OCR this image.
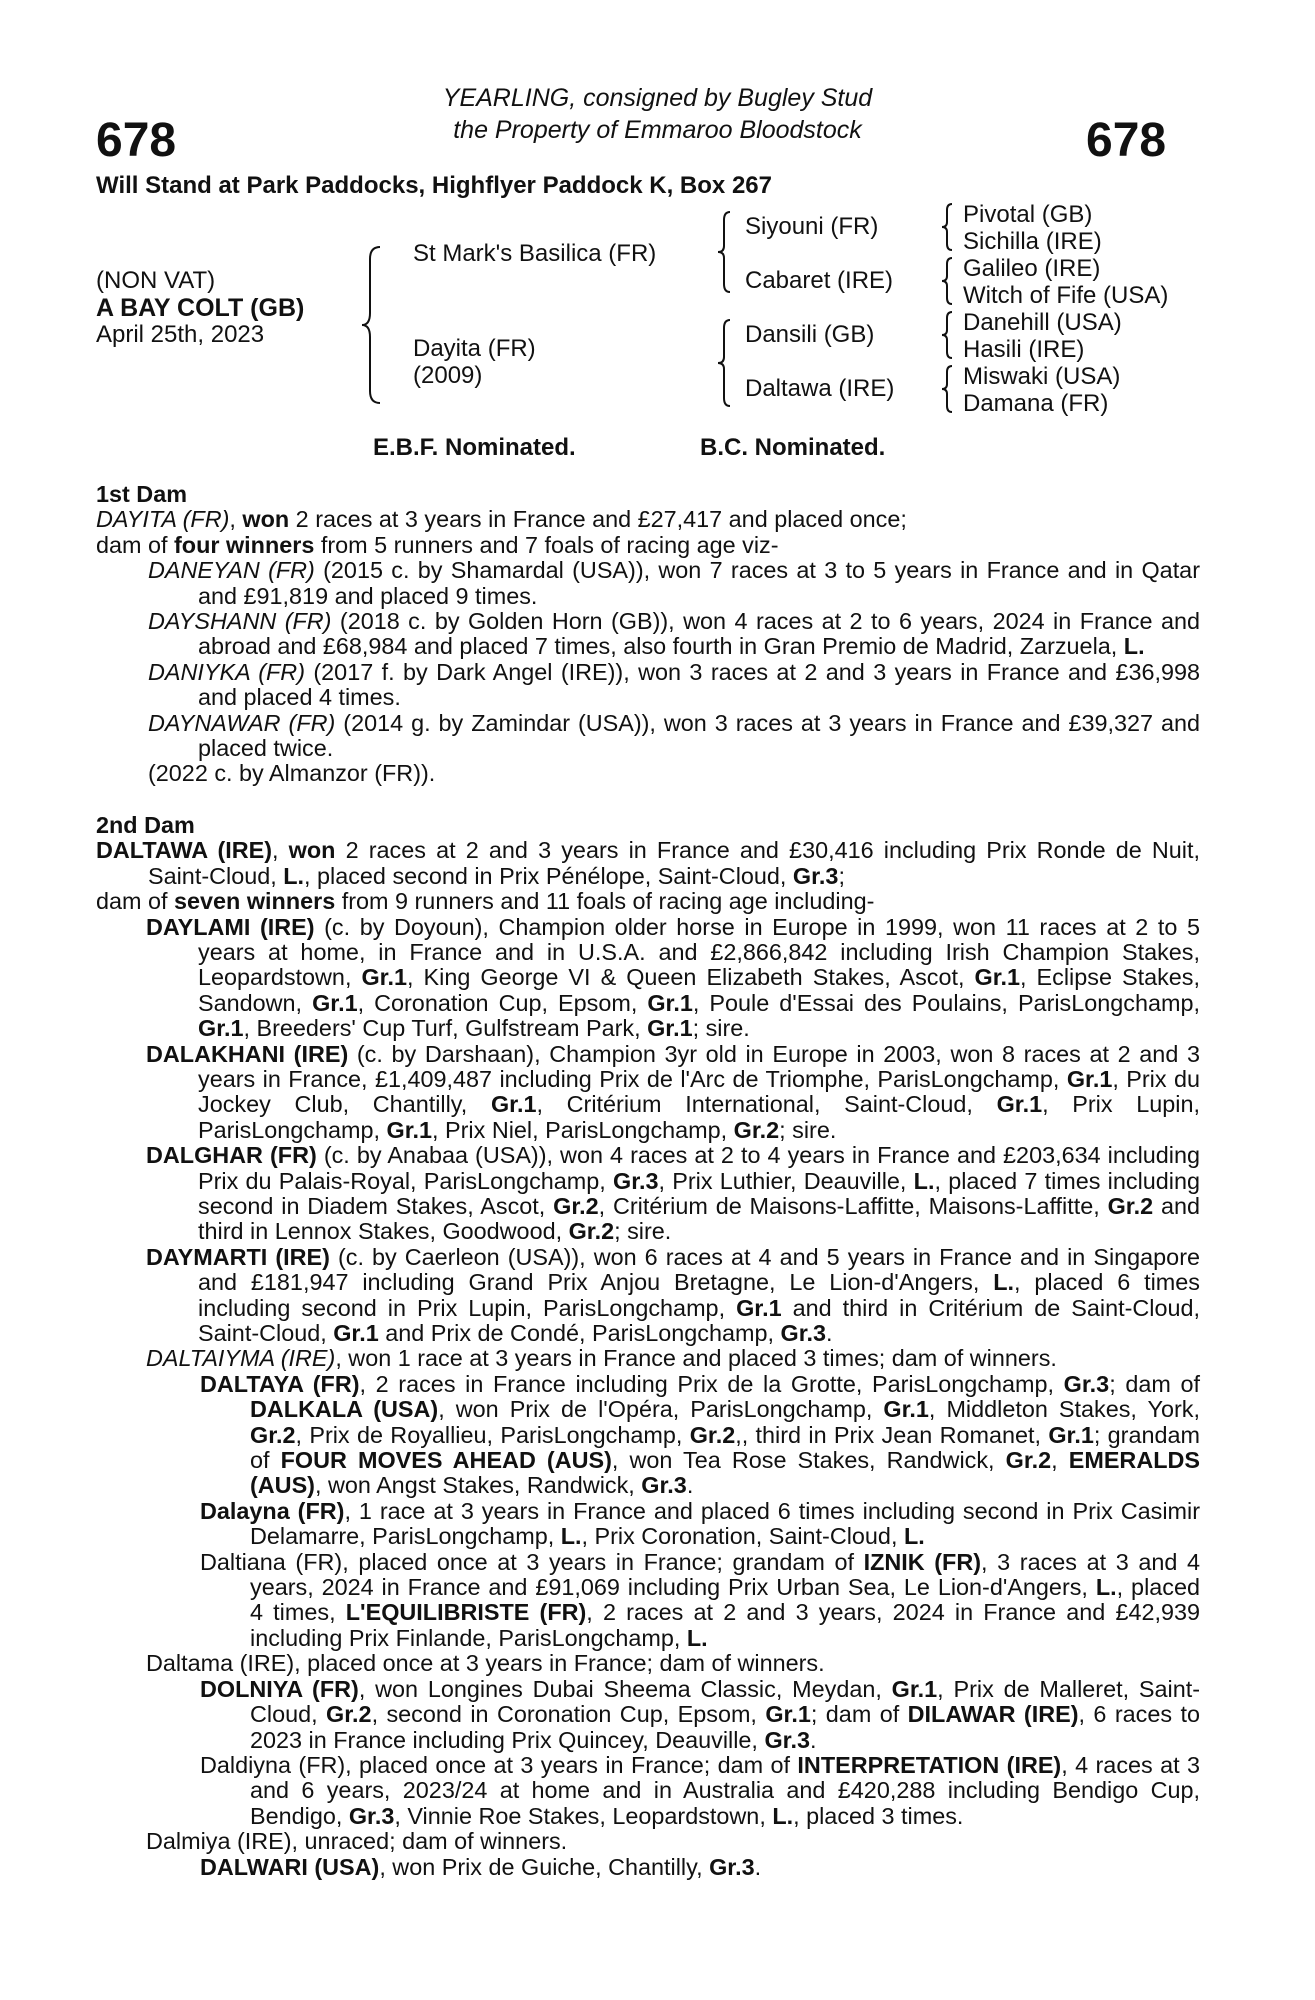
678	678
YEARLING, consigned by Bugley Stud
the Property of Emmaroo Bloodstock
Will Stand at Park Paddocks, Highflyer Paddock K, Box 267
(NON VAT)
A BAY COLT (GB)
April 25th, 2023
St Mark's Basilica (FR)
Dayita (FR)
(2009)
Siyouni (FR)
Cabaret (IRE)
Dansili (GB)
Daltawa (IRE)
Pivotal (GB)
Sichilla (IRE)
Galileo (IRE)
Witch of Fife (USA)
Danehill (USA)
Hasili (IRE)
Miswaki (USA)
Damana (FR)
E.B.F. Nominated.	B.C. Nominated.
1st Dam
DAYITA (FR), won 2 races at 3 years in France and £27,417 and placed once;
dam of four winners from 5 runners and 7 foals of racing age viz-
DANEYAN (FR) (2015 c. by Shamardal (USA)), won 7 races at 3 to 5 years in France and in Qatar and £91,819 and placed 9 times.
DAYSHANN (FR) (2018 c. by Golden Horn (GB)), won 4 races at 2 to 6 years, 2024 in France and abroad and £68,984 and placed 7 times, also fourth in Gran Premio de Madrid, Zarzuela, L.
DANIYKA (FR) (2017 f. by Dark Angel (IRE)), won 3 races at 2 and 3 years in France and £36,998 and placed 4 times.
DAYNAWAR (FR) (2014 g. by Zamindar (USA)), won 3 races at 3 years in France and £39,327 and placed twice.
(2022 c. by Almanzor (FR)).
2nd Dam
DALTAWA (IRE), won 2 races at 2 and 3 years in France and £30,416 including Prix Ronde de Nuit, Saint-Cloud, L., placed second in Prix Pénélope, Saint-Cloud, Gr.3;
dam of seven winners from 9 runners and 11 foals of racing age including-
DAYLAMI (IRE) (c. by Doyoun), Champion older horse in Europe in 1999, won 11 races at 2 to 5 years at home, in France and in U.S.A. and £2,866,842 including Irish Champion Stakes, Leopardstown, Gr.1, King George VI & Queen Elizabeth Stakes, Ascot, Gr.1, Eclipse Stakes, Sandown, Gr.1, Coronation Cup, Epsom, Gr.1, Poule d'Essai des Poulains, ParisLongchamp, Gr.1, Breeders' Cup Turf, Gulfstream Park, Gr.1; sire.
DALAKHANI (IRE) (c. by Darshaan), Champion 3yr old in Europe in 2003, won 8 races at 2 and 3 years in France, £1,409,487 including Prix de l'Arc de Triomphe, ParisLongchamp, Gr.1, Prix du Jockey Club, Chantilly, Gr.1, Critérium International, Saint-Cloud, Gr.1, Prix Lupin, ParisLongchamp, Gr.1, Prix Niel, ParisLongchamp, Gr.2; sire.
DALGHAR (FR) (c. by Anabaa (USA)), won 4 races at 2 to 4 years in France and £203,634 including Prix du Palais-Royal, ParisLongchamp, Gr.3, Prix Luthier, Deauville, L., placed 7 times including second in Diadem Stakes, Ascot, Gr.2, Critérium de Maisons-Laffitte, Maisons-Laffitte, Gr.2 and third in Lennox Stakes, Goodwood, Gr.2; sire.
DAYMARTI (IRE) (c. by Caerleon (USA)), won 6 races at 4 and 5 years in France and in Singapore and £181,947 including Grand Prix Anjou Bretagne, Le Lion-d'Angers, L., placed 6 times including second in Prix Lupin, ParisLongchamp, Gr.1 and third in Critérium de Saint-Cloud, Saint-Cloud, Gr.1 and Prix de Condé, ParisLongchamp, Gr.3.
DALTAIYMA (IRE), won 1 race at 3 years in France and placed 3 times; dam of winners.
DALTAYA (FR), 2 races in France including Prix de la Grotte, ParisLongchamp, Gr.3; dam of DALKALA (USA), won Prix de l'Opéra, ParisLongchamp, Gr.1, Middleton Stakes, York, Gr.2, Prix de Royallieu, ParisLongchamp, Gr.2,, third in Prix Jean Romanet, Gr.1; grandam of FOUR MOVES AHEAD (AUS), won Tea Rose Stakes, Randwick, Gr.2, EMERALDS (AUS), won Angst Stakes, Randwick, Gr.3.
Dalayna (FR), 1 race at 3 years in France and placed 6 times including second in Prix Casimir Delamarre, ParisLongchamp, L., Prix Coronation, Saint-Cloud, L.
Daltiana (FR), placed once at 3 years in France; grandam of IZNIK (FR), 3 races at 3 and 4 years, 2024 in France and £91,069 including Prix Urban Sea, Le Lion-d'Angers, L., placed 4 times, L'EQUILIBRISTE (FR), 2 races at 2 and 3 years, 2024 in France and £42,939 including Prix Finlande, ParisLongchamp, L.
Daltama (IRE), placed once at 3 years in France; dam of winners.
DOLNIYA (FR), won Longines Dubai Sheema Classic, Meydan, Gr.1, Prix de Malleret, Saint-Cloud, Gr.2, second in Coronation Cup, Epsom, Gr.1; dam of DILAWAR (IRE), 6 races to 2023 in France including Prix Quincey, Deauville, Gr.3.
Daldiyna (FR), placed once at 3 years in France; dam of INTERPRETATION (IRE), 4 races at 3 and 6 years, 2023/24 at home and in Australia and £420,288 including Bendigo Cup, Bendigo, Gr.3, Vinnie Roe Stakes, Leopardstown, L., placed 3 times.
Dalmiya (IRE), unraced; dam of winners.
DALWARI (USA), won Prix de Guiche, Chantilly, Gr.3.
